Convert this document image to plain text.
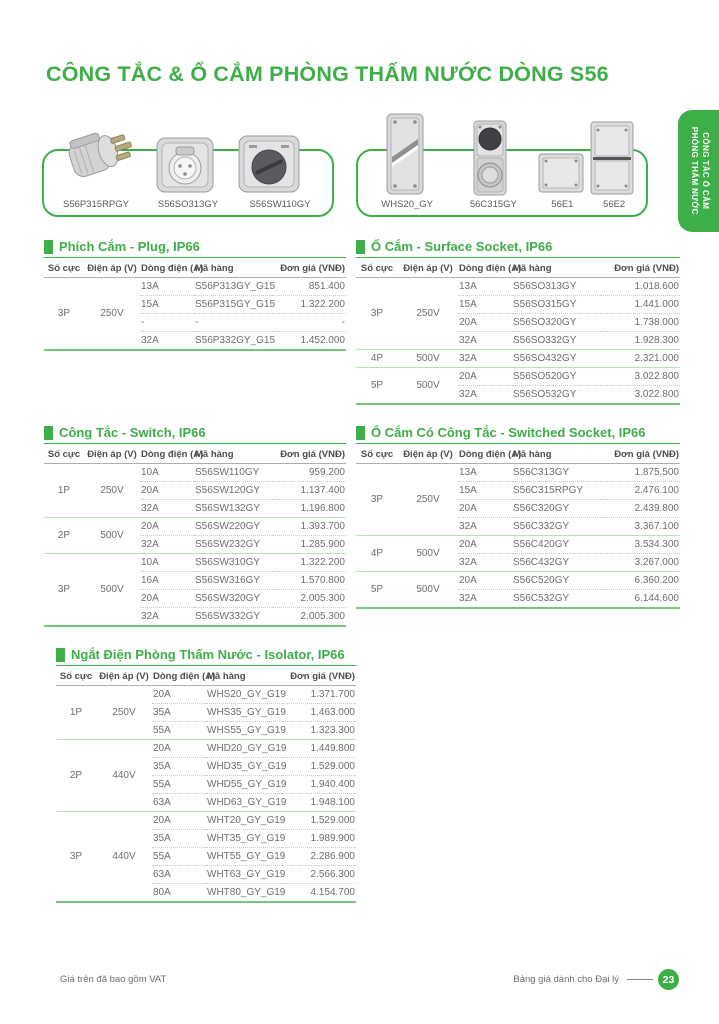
CÔNG TẮC & Ổ CẮM PHÒNG THẤM NƯỚC DÒNG S56
S56P315RPGY	S56SO313GY	S56SW110GY	WHS20_GY	56C315GY	56E1	56E2	CÔNG TẮC Ổ CẮM
PHÒNG THẤM NƯỚC
Phích Cắm - Plug, IP66
Số cực	Điện áp (V)	Dòng điện (A)	Mã hàng	Đơn giá (VNĐ)
3P	250V	13A	S56P313GY_G15	851.400
		15A	S56P315GY_G15	1.322.200
		-	-	-
		32A	S56P332GY_G15	1.452.000
Ổ Cắm - Surface Socket, IP66
Số cực	Điện áp (V)	Dòng điện (A)	Mã hàng	Đơn giá (VNĐ)
3P	250V	13A	S56SO313GY	1.018.600
		15A	S56SO315GY	1.441.000
		20A	S56SO320GY	1.738.000
		32A	S56SO332GY	1.928.300
4P	500V	32A	S56SO432GY	2.321.000
5P	500V	20A	S56SO520GY	3.022.800
		32A	S56SO532GY	3.022.800
Công Tắc - Switch, IP66
Số cực	Điện áp (V)	Dòng điện (A)	Mã hàng	Đơn giá (VNĐ)
1P	250V	10A	S56SW110GY	959.200
		20A	S56SW120GY	1.137.400
		32A	S56SW132GY	1.196.800
2P	500V	20A	S56SW220GY	1.393.700
		32A	S56SW232GY	1.285.900
3P	500V	10A	S56SW310GY	1.322.200
		16A	S56SW316GY	1.570.800
		20A	S56SW320GY	2.005.300
		32A	S56SW332GY	2.005.300
Ổ Cắm Có Công Tắc - Switched Socket, IP66
Số cực	Điện áp (V)	Dòng điện (A)	Mã hàng	Đơn giá (VNĐ)
3P	250V	13A	S56C313GY	1.875.500
		15A	S56C315RPGY	2.476.100
		20A	S56C320GY	2.439.800
		32A	S56C332GY	3.367.100
4P	500V	20A	S56C420GY	3.534.300
		32A	S56C432GY	3.267.000
5P	500V	20A	S56C520GY	6.360.200
		32A	S56C532GY	6.144.600
Ngắt Điện Phòng Thấm Nước - Isolator, IP66
Số cực	Điện áp (V)	Dòng điện (A)	Mã hàng	Đơn giá (VNĐ)
1P	250V	20A	WHS20_GY_G19	1.371.700
		35A	WHS35_GY_G19	1.463.000
		55A	WHS55_GY_G19	1.323.300
2P	440V	20A	WHD20_GY_G19	1.449.800
		35A	WHD35_GY_G19	1.529.000
		55A	WHD55_GY_G19	1.940.400
		63A	WHD63_GY_G19	1.948.100
3P	440V	20A	WHT20_GY_G19	1.529.000
		35A	WHT35_GY_G19	1.989.900
		55A	WHT55_GY_G19	2.286.900
		63A	WHT63_GY_G19	2.566.300
		80A	WHT80_GY_G19	4.154.700
Giá trên đã bao gồm VAT	Bảng giá dành cho Đại lý	23
